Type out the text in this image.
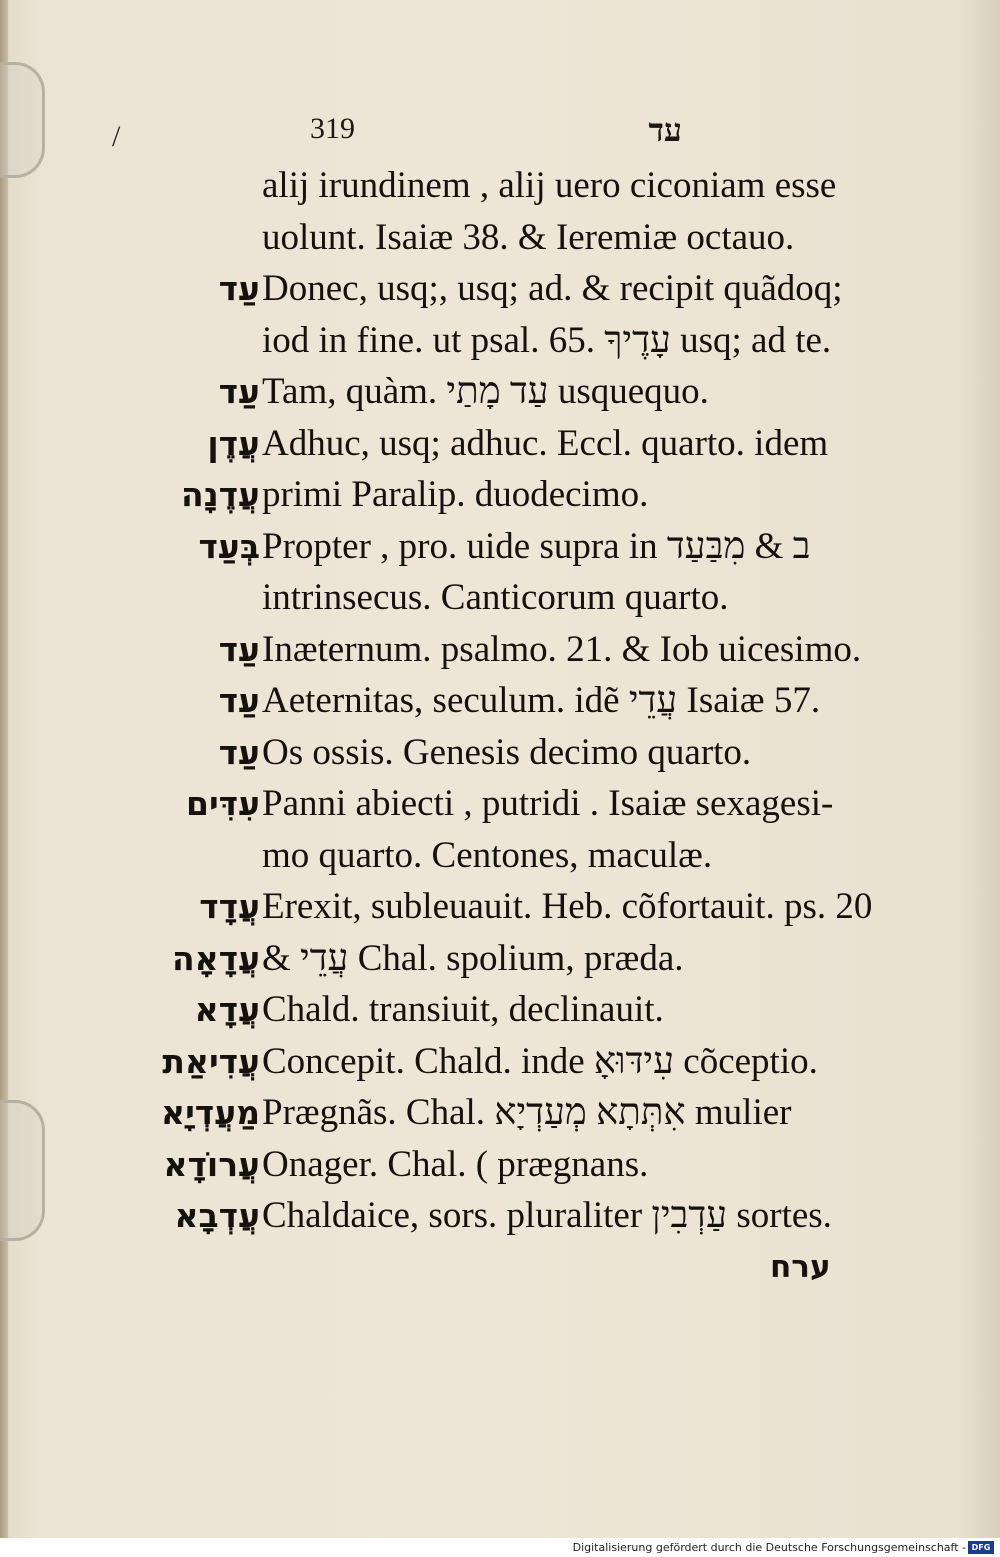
/	319	עד
alij irundinem , alij uero ciconiam esse
uolunt. Isaiæ 38. & Ieremiæ octauo.
עַד Donec, usq;, usq; ad. & recipit quãdoq;
iod in fine. ut psal. 65. עָדֶיךָ usq; ad te.
עַד Tam, quàm. עַד מָתַי usquequo.
עֲדֶן Adhuc, usq; adhuc. Eccl. quarto. idem
עֲדֶנָה primi Paralip. duodecimo.
בְּעַד Propter , pro. uide supra in ב & מִבַּעַד
intrinsecus. Canticorum quarto.
עַד Inæternum. psalmo. 21. & Iob uicesimo.
עַד Aeternitas, seculum. idẽ עֲדֵי Isaiæ 57.
עַד Os ossis. Genesis decimo quarto.
עִדִּים Panni abiecti , putridi . Isaiæ sexagesi-
mo quarto. Centones, maculæ.
עֲדָד Erexit, subleuauit. Heb. cõfortauit. ps. 20
עֲדָאָה & עֲדֵי Chal. spolium, præda.
עֲדָא Chald. transiuit, declinauit.
עֲדִיאַת Concepit. Chald. inde עִידּוּאָ cõceptio.
מַעֲדְיָא Prægnãs. Chal. אִתְּתָא מְעַדְיָא mulier
עֲרוֹדָא Onager. Chal. ( prægnans.
עֲדְבָא Chaldaice, sors. pluraliter עַדְבִין sortes.
ערח
Digitalisierung gefördert durch die Deutsche Forschungsgemeinschaft - DFG
